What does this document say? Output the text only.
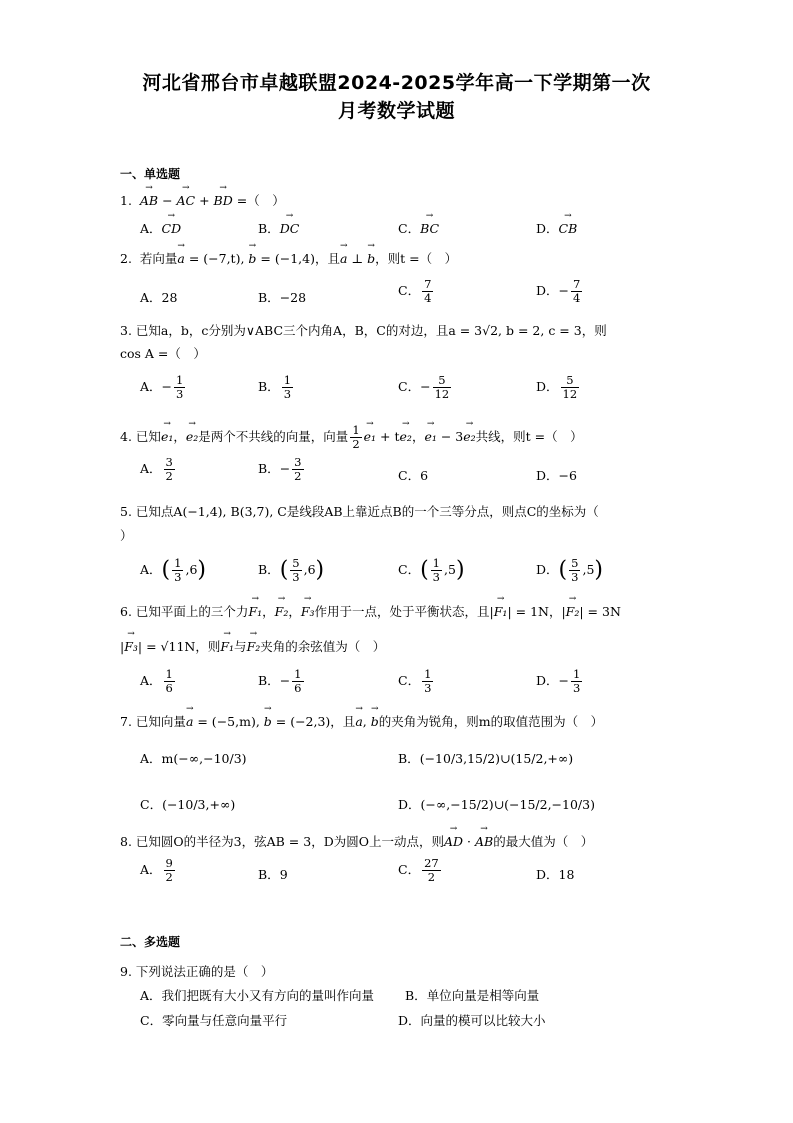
河北省邢台市卓越联盟2024-2025学年高一下学期第一次
月考数学试题
一、单选题
1.  → AB − → AC + → BD =（　）
A．→ CD	B．→ DC	C．→ BC	D．→ CB
2. 若向量→ a = (−7,t), → b = (−1,4)，且→ a ⊥ → b，则t =（　）
A．28	B．−28	C． $\frac{7}{4}$	D．− $\frac{7}{4}$
3. 已知a，b，c分别为∨ABC三个内角A，B，C的对边，且a = 3√2, b = 2, c = 3，则
cos A =（　）
A．− $\frac{1}{3}$	B． $\frac{1}{3}$	C．− $\frac{5}{12}$	D． $\frac{5}{12}$
4. 已知→ e₁，→ e₂是两个不共线的向量，向量 $\frac{1}{2}$
→ e₁ + t→ e₂，→ e₁ − 3→ e₂共线，则t =（　）
A． $\frac{3}{2}$	B．− $\frac{3}{2}$	C．6	D．−6
5. 已知点A(−1,4), B(3,7), C是线段AB上靠近点B的一个三等分点，则点C的坐标为（
）
A．( $\frac{1}{3} ,6$)	B．( $\frac{5}{3} ,6$)	C．( $\frac{1}{3} ,5$)	D．( $\frac{5}{3} ,5$)
6. 已知平面上的三个力→ F₁，→ F₂，→ F₃作用于一点，处于平衡状态，且|→ F₁| = 1N，|→ F₂| = 3N
|→ F₃| = √11N，则→ F₁与→ F₂夹角的余弦值为（　）
A． $\frac{1}{6}$	B．− $\frac{1}{6}$	C． $\frac{1}{3}$	D．− $\frac{1}{3}$
7. 已知向量→ a = (−5,m), → b = (−2,3)，且→ a, → b的夹角为锐角，则m的取值范围为（　）
A．m(−∞,−10/3)	B．(−10/3,15/2)∪(15/2,+∞)
C．(−10/3,+∞)	D．(−∞,−15/2)∪(−15/2,−10/3)
8. 已知圆O的半径为3，弦AB = 3，D为圆O上一动点，则→ AD · → AB的最大值为（　）
A． $\frac{9}{2}$	B．9	C． $\frac{27}{2}$	D．18
二、多选题
9. 下列说法正确的是（　）
A．我们把既有大小又有方向的量叫作向量 B．单位向量是相等向量
C．零向量与任意向量平行	D．向量的模可以比较大小
